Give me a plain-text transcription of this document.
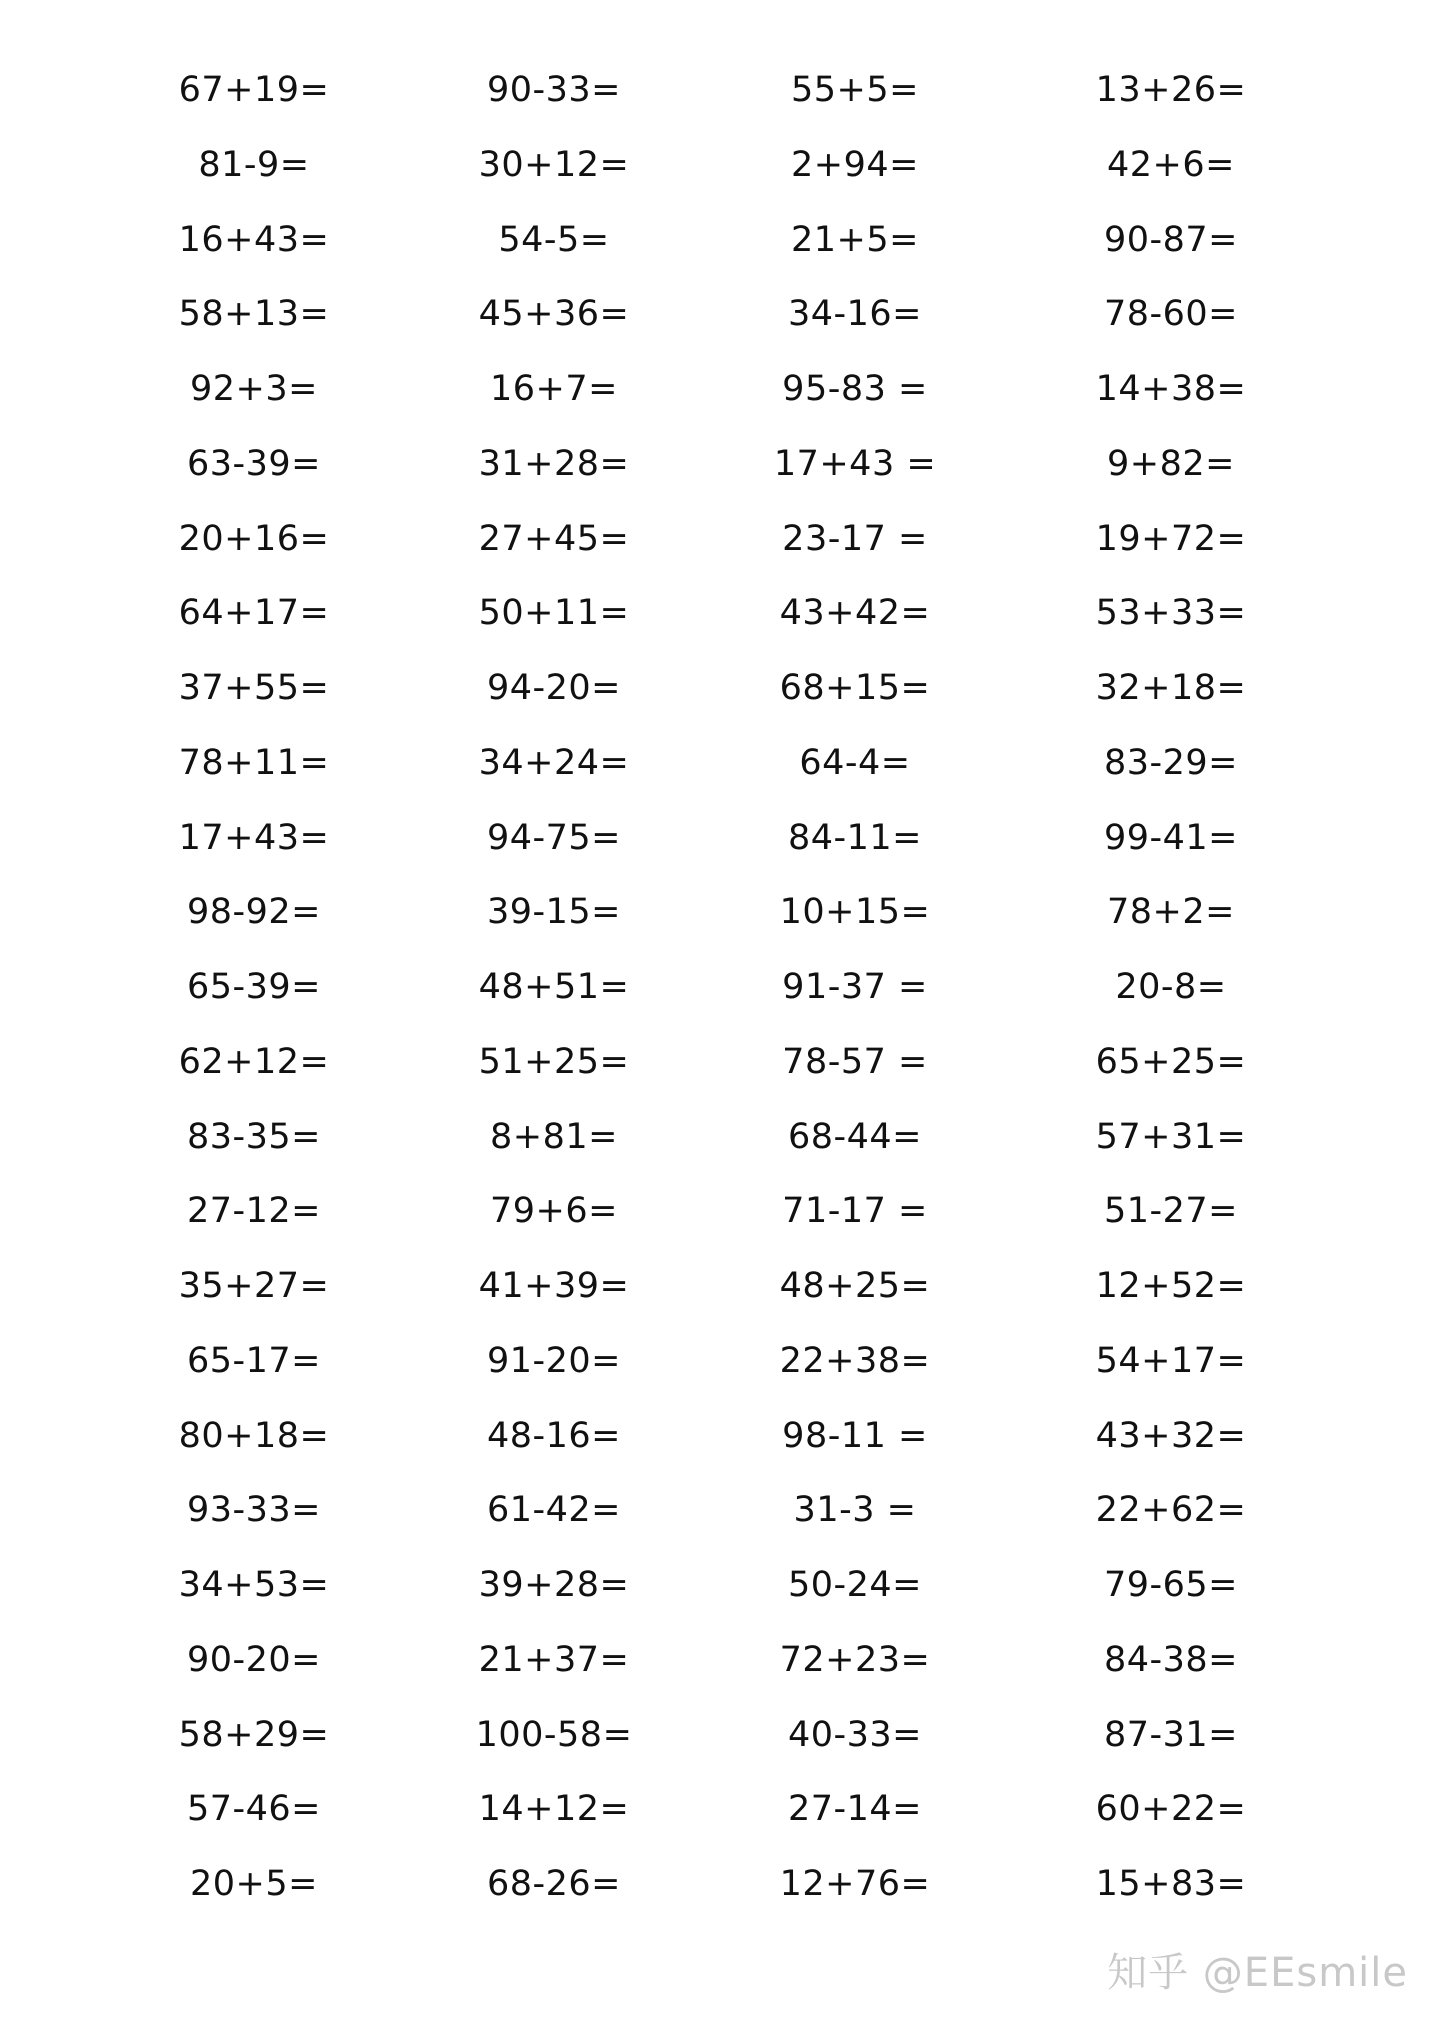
67+19=
81-9=
16+43=
58+13=
92+3=
63-39=
20+16=
64+17=
37+55=
78+11=
17+43=
98-92=
65-39=
62+12=
83-35=
27-12=
35+27=
65-17=
80+18=
93-33=
34+53=
90-20=
58+29=
57-46=
20+5=
90-33=
30+12=
54-5=
45+36=
16+7=
31+28=
27+45=
50+11=
94-20=
34+24=
94-75=
39-15=
48+51=
51+25=
8+81=
79+6=
41+39=
91-20=
48-16=
61-42=
39+28=
21+37=
100-58=
14+12=
68-26=
55+5=
2+94=
21+5=
34-16=
95-83 =
17+43 =
23-17 =
43+42=
68+15=
64-4=
84-11=
10+15=
91-37 =
78-57 =
68-44=
71-17 =
48+25=
22+38=
98-11 =
31-3 =
50-24=
72+23=
40-33=
27-14=
12+76=
13+26=
42+6=
90-87=
78-60=
14+38=
9+82=
19+72=
53+33=
32+18=
83-29=
99-41=
78+2=
20-8=
65+25=
57+31=
51-27=
12+52=
54+17=
43+32=
22+62=
79-65=
84-38=
87-31=
60+22=
15+83=
知乎 @EEsmile
